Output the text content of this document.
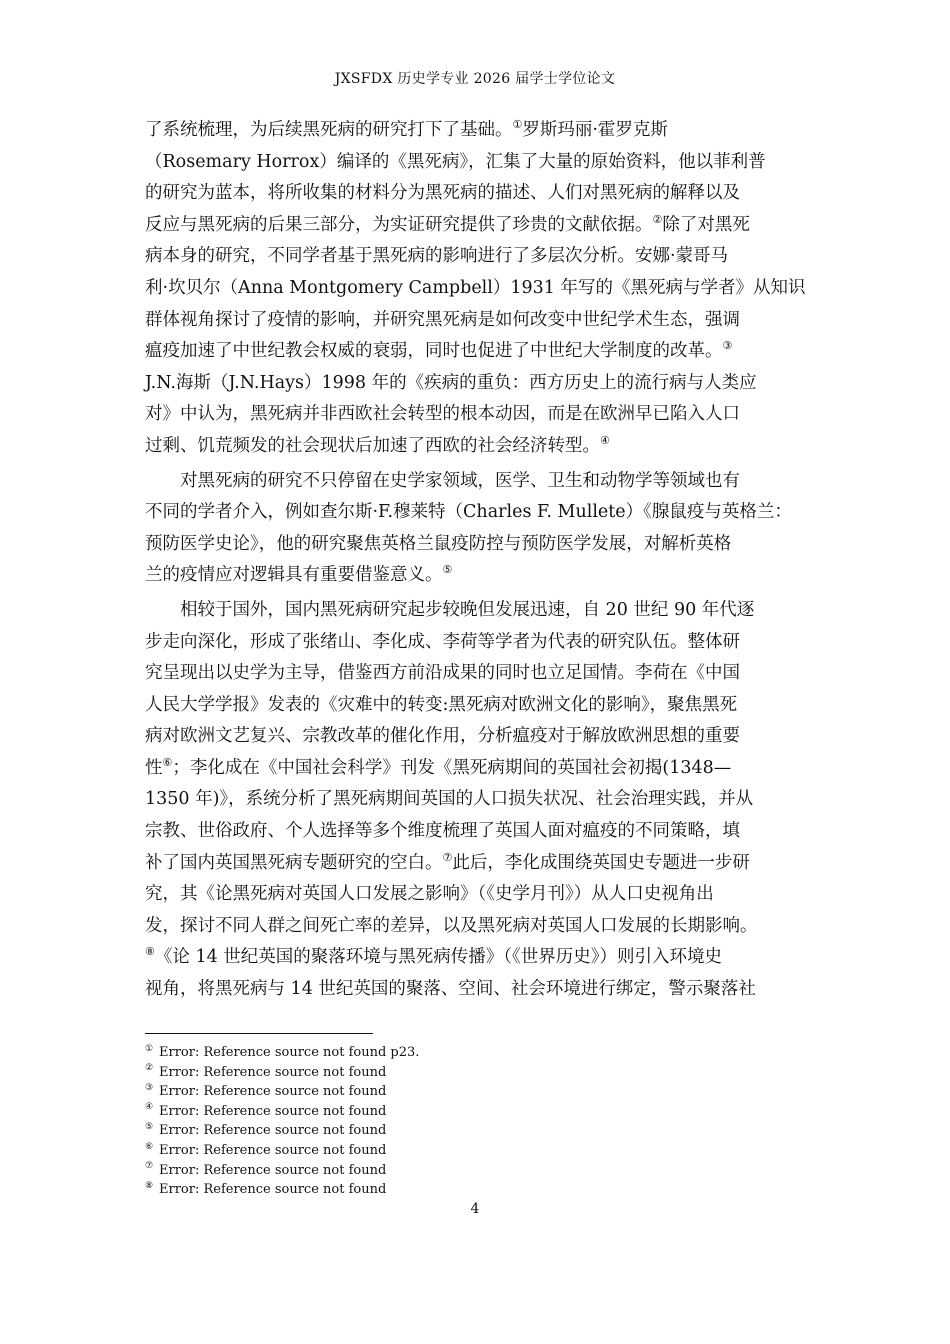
JXSFDX 历史学专业 2026 届学士学位论文
了系统梳理，为后续黑死病的研究打下了基础。①罗斯玛丽·霍罗克斯
（Rosemary Horrox）编译的《黑死病》，汇集了大量的原始资料，他以菲利普
的研究为蓝本，将所收集的材料分为黑死病的描述、人们对黑死病的解释以及
反应与黑死病的后果三部分，为实证研究提供了珍贵的文献依据。②除了对黑死
病本身的研究，不同学者基于黑死病的影响进行了多层次分析。安娜·蒙哥马
利·坎贝尔（Anna Montgomery Campbell）1931 年写的《黑死病与学者》从知识
群体视角探讨了疫情的影响，并研究黑死病是如何改变中世纪学术生态，强调
瘟疫加速了中世纪教会权威的衰弱，同时也促进了中世纪大学制度的改革。③
J.N.海斯（J.N.Hays）1998 年的《疾病的重负：西方历史上的流行病与人类应
对》中认为，黑死病并非西欧社会转型的根本动因，而是在欧洲早已陷入人口
过剩、饥荒频发的社会现状后加速了西欧的社会经济转型。④
对黑死病的研究不只停留在史学家领域，医学、卫生和动物学等领域也有
不同的学者介入，例如查尔斯·F.穆莱特（Charles F. Mullete）《腺鼠疫与英格兰：
预防医学史论》，他的研究聚焦英格兰鼠疫防控与预防医学发展，对解析英格
兰的疫情应对逻辑具有重要借鉴意义。⑤
相较于国外，国内黑死病研究起步较晚但发展迅速，自 20 世纪 90 年代逐
步走向深化，形成了张绪山、李化成、李荷等学者为代表的研究队伍。整体研
究呈现出以史学为主导，借鉴西方前沿成果的同时也立足国情。李荷在《中国
人民大学学报》发表的《灾难中的转变:黑死病对欧洲文化的影响》，聚焦黑死
病对欧洲文艺复兴、宗教改革的催化作用，分析瘟疫对于解放欧洲思想的重要
性⑥；李化成在《中国社会科学》刊发《黑死病期间的英国社会初揭(1348—
1350 年)》，系统分析了黑死病期间英国的人口损失状况、社会治理实践，并从
宗教、世俗政府、个人选择等多个维度梳理了英国人面对瘟疫的不同策略，填
补了国内英国黑死病专题研究的空白。⑦此后，李化成围绕英国史专题进一步研
究，其《论黑死病对英国人口发展之影响》（《史学月刊》）从人口史视角出
发，探讨不同人群之间死亡率的差异，以及黑死病对英国人口发展的长期影响。
⑧《论 14 世纪英国的聚落环境与黑死病传播》（《世界历史》）则引入环境史
视角，将黑死病与 14 世纪英国的聚落、空间、社会环境进行绑定，警示聚落社
① Error: Reference source not found p23.
② Error: Reference source not found
③ Error: Reference source not found
④ Error: Reference source not found
⑤ Error: Reference source not found
⑥ Error: Reference source not found
⑦ Error: Reference source not found
⑧ Error: Reference source not found
4
